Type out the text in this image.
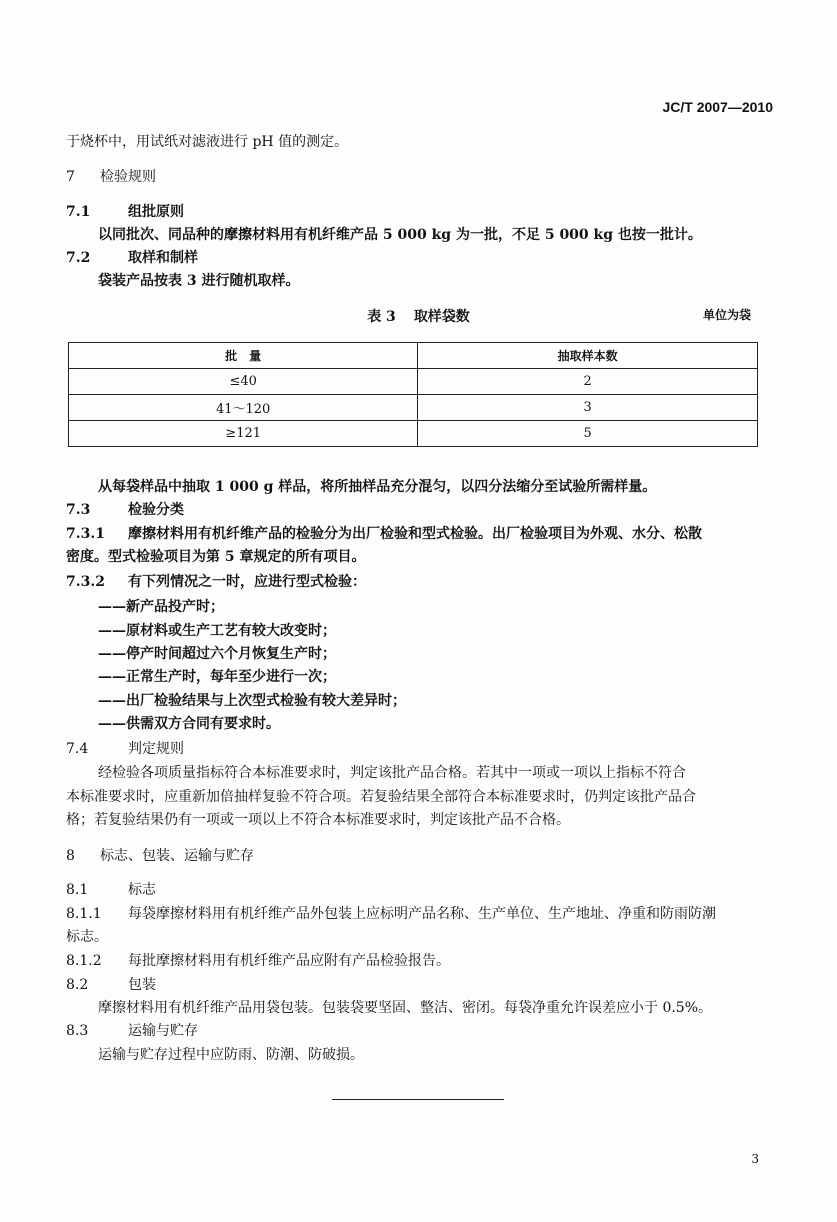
JC/T 2007—2010
于烧杯中，用试纸对滤液进行 pH 值的测定。
7 检验规则
7.1	组批原则
以同批次、同品种的摩擦材料用有机纤维产品 5 000 kg 为一批，不足 5 000 kg 也按一批计。
7.2	取样和制样
袋装产品按表 3 进行随机取样。
表 3 取样袋数	单位为袋
批　量	抽取样本数
≤40	2
41～120	3
≥121	5
从每袋样品中抽取 1 000 g 样品，将所抽样品充分混匀，以四分法缩分至试验所需样量。
7.3	检验分类
7.3.1 摩擦材料用有机纤维产品的检验分为出厂检验和型式检验。出厂检验项目为外观、水分、松散
密度。型式检验项目为第 5 章规定的所有项目。
7.3.2 有下列情况之一时，应进行型式检验：
——新产品投产时；
——原材料或生产工艺有较大改变时；
——停产时间超过六个月恢复生产时；
——正常生产时，每年至少进行一次；
——出厂检验结果与上次型式检验有较大差异时；
——供需双方合同有要求时。
7.4	判定规则
经检验各项质量指标符合本标准要求时，判定该批产品合格。若其中一项或一项以上指标不符合
本标准要求时，应重新加倍抽样复验不符合项。若复验结果全部符合本标准要求时，仍判定该批产品合
格；若复验结果仍有一项或一项以上不符合本标准要求时，判定该批产品不合格。
8 标志、包装、运输与贮存
8.1	标志
8.1.1 每袋摩擦材料用有机纤维产品外包装上应标明产品名称、生产单位、生产地址、净重和防雨防潮
标志。
8.1.2 每批摩擦材料用有机纤维产品应附有产品检验报告。
8.2	包装
摩擦材料用有机纤维产品用袋包装。包装袋要坚固、整洁、密闭。每袋净重允许误差应小于 0.5%。
8.3	运输与贮存
运输与贮存过程中应防雨、防潮、防破损。
3
